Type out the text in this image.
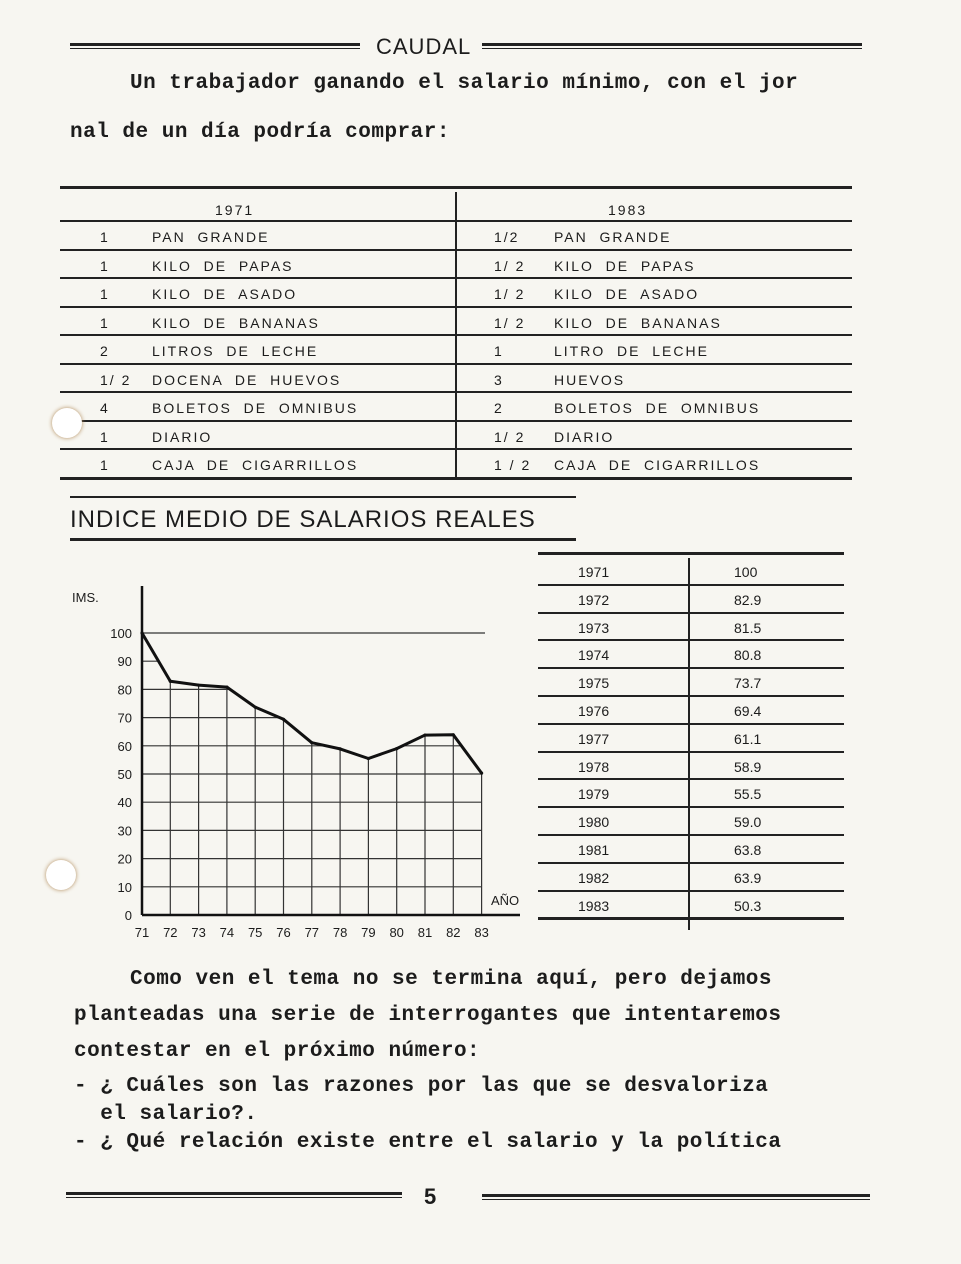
CAUDAL
Un trabajador ganando el salario mínimo, con el jor
nal de un día podría comprar:
1971	1983
1	PAN  GRANDE	1/2 PAN  GRANDE
1	KILO  DE  PAPAS	1/ 2 KILO  DE  PAPAS
1	KILO  DE  ASADO	1/ 2 KILO  DE  ASADO
1	KILO  DE  BANANAS	1/ 2 KILO  DE  BANANAS
2	LITROS  DE  LECHE	1	LITRO  DE  LECHE
1/ 2 DOCENA  DE  HUEVOS	3	HUEVOS
4	BOLETOS  DE  OMNIBUS	2	BOLETOS  DE  OMNIBUS
1	DIARIO	1/ 2 DIARIO
1	CAJA  DE  CIGARRILLOS	1 / 2 CAJA  DE  CIGARRILLOS
INDICE MEDIO DE SALARIOS REALES
0
10
20
30
40
50
60
70
80
90
100
71 72 73 74 75 76 77 78 79 80 81 82 83
IMS.
AÑO
1971	100
1972	82.9
1973	81.5
1974	80.8
1975	73.7
1976	69.4
1977	61.1
1978	58.9
1979	55.5
1980	59.0
1981	63.8
1982	63.9
1983	50.3
Como ven el tema no se termina aquí, pero dejamos
planteadas una serie de interrogantes que intentaremos
contestar en el próximo número:
- ¿ Cuáles son las razones por las que se desvaloriza
el salario?.
- ¿ Qué relación existe entre el salario y la política
5
